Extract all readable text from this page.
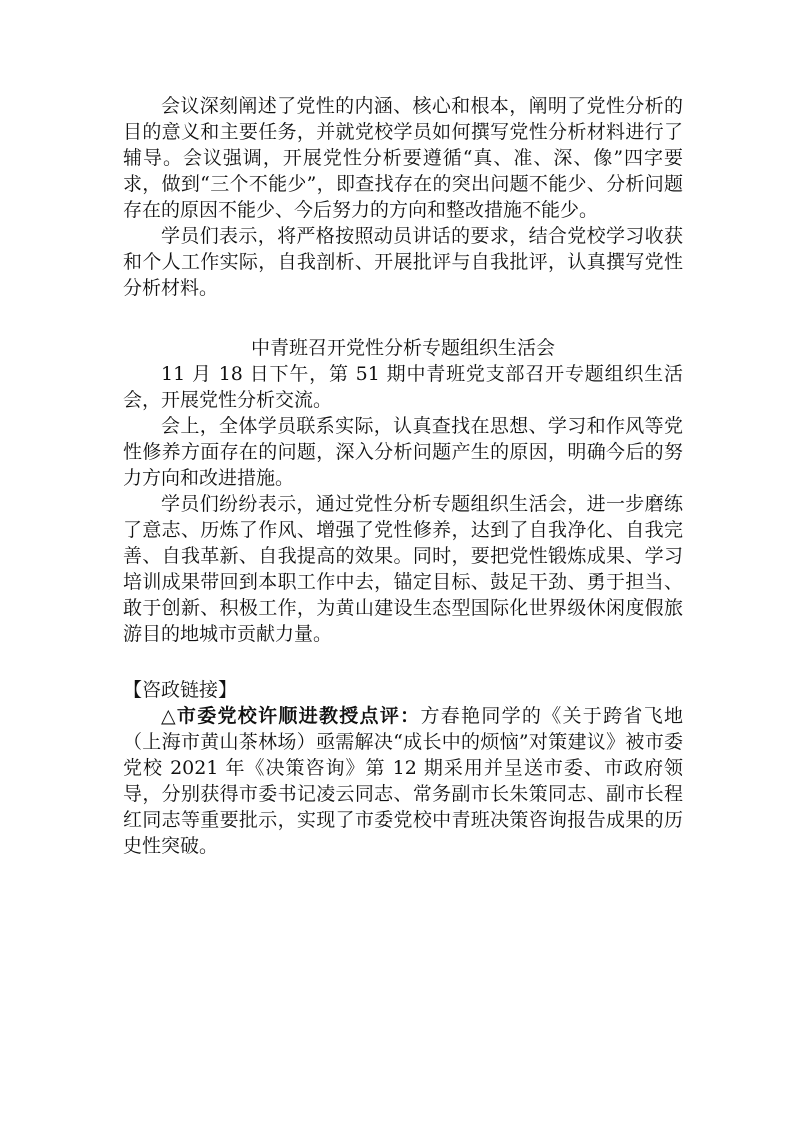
会议深刻阐述了党性的内涵、核心和根本，阐明了党性分析的目的意义和主要任务，并就党校学员如何撰写党性分析材料进行了辅导。会议强调，开展党性分析要遵循“真、准、深、像”四字要求，做到“三个不能少”，即查找存在的突出问题不能少、分析问题存在的原因不能少、今后努力的方向和整改措施不能少。

学员们表示，将严格按照动员讲话的要求，结合党校学习收获和个人工作实际，自我剖析、开展批评与自我批评，认真撰写党性分析材料。

中青班召开党性分析专题组织生活会

11 月 18 日下午，第 51 期中青班党支部召开专题组织生活会，开展党性分析交流。

会上，全体学员联系实际，认真查找在思想、学习和作风等党性修养方面存在的问题，深入分析问题产生的原因，明确今后的努力方向和改进措施。

学员们纷纷表示，通过党性分析专题组织生活会，进一步磨练了意志、历炼了作风、增强了党性修养，达到了自我净化、自我完善、自我革新、自我提高的效果。同时，要把党性锻炼成果、学习培训成果带回到本职工作中去，锚定目标、鼓足干劲、勇于担当、敢于创新、积极工作，为黄山建设生态型国际化世界级休闲度假旅游目的地城市贡献力量。

【咨政链接】

△市委党校许顺进教授点评：方春艳同学的《关于跨省飞地（上海市黄山茶林场）亟需解决“成长中的烦恼”对策建议》被市委党校 2021 年《决策咨询》第 12 期采用并呈送市委、市政府领导，分别获得市委书记凌云同志、常务副市长朱策同志、副市长程红同志等重要批示，实现了市委党校中青班决策咨询报告成果的历史性突破。
